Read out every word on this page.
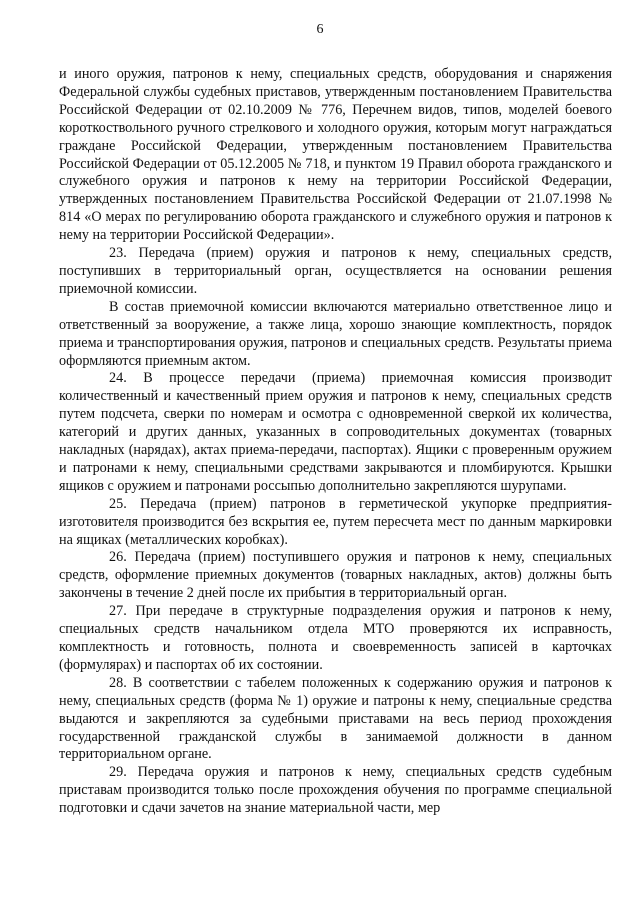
6

и иного оружия, патронов к нему, специальных средств, оборудования и снаряжения Федеральной службы судебных приставов, утвержденным постановлением Правительства Российской Федерации от 02.10.2009 № 776, Перечнем видов, типов, моделей боевого короткоствольного ручного стрелкового и холодного оружия, которым могут награждаться граждане Российской Федерации, утвержденным постановлением Правительства Российской Федерации от 05.12.2005 № 718, и пунктом 19 Правил оборота гражданского и служебного оружия и патронов к нему на территории Российской Федерации, утвержденных постановлением Правительства Российской Федерации от 21.07.1998 № 814 «О мерах по регулированию оборота гражданского и служебного оружия и патронов к нему на территории Российской Федерации».

23. Передача (прием) оружия и патронов к нему, специальных средств, поступивших в территориальный орган, осуществляется на основании решения приемочной комиссии.

В состав приемочной комиссии включаются материально ответственное лицо и ответственный за вооружение, а также лица, хорошо знающие комплектность, порядок приема и транспортирования оружия, патронов и специальных средств. Результаты приема оформляются приемным актом.

24. В процессе передачи (приема) приемочная комиссия производит количественный и качественный прием оружия и патронов к нему, специальных средств путем подсчета, сверки по номерам и осмотра с одновременной сверкой их количества, категорий и других данных, указанных в сопроводительных документах (товарных накладных (нарядах), актах приема-передачи, паспортах). Ящики с проверенным оружием и патронами к нему, специальными средствами закрываются и пломбируются. Крышки ящиков с оружием и патронами россыпью дополнительно закрепляются шурупами.

25. Передача (прием) патронов в герметической укупорке предприятия-изготовителя производится без вскрытия ее, путем пересчета мест по данным маркировки на ящиках (металлических коробках).

26. Передача (прием) поступившего оружия и патронов к нему, специальных средств, оформление приемных документов (товарных накладных, актов) должны быть закончены в течение 2 дней после их прибытия в территориальный орган.

27. При передаче в структурные подразделения оружия и патронов к нему, специальных средств начальником отдела МТО проверяются их исправность, комплектность и готовность, полнота и своевременность записей в карточках (формулярах) и паспортах об их состоянии.

28. В соответствии с табелем положенных к содержанию оружия и патронов к нему, специальных средств (форма № 1) оружие и патроны к нему, специальные средства выдаются и закрепляются за судебными приставами на весь период прохождения государственной гражданской службы в занимаемой должности в данном территориальном органе.

29. Передача оружия и патронов к нему, специальных средств судебным приставам производится только после прохождения обучения по программе специальной подготовки и сдачи зачетов на знание материальной части, мер
